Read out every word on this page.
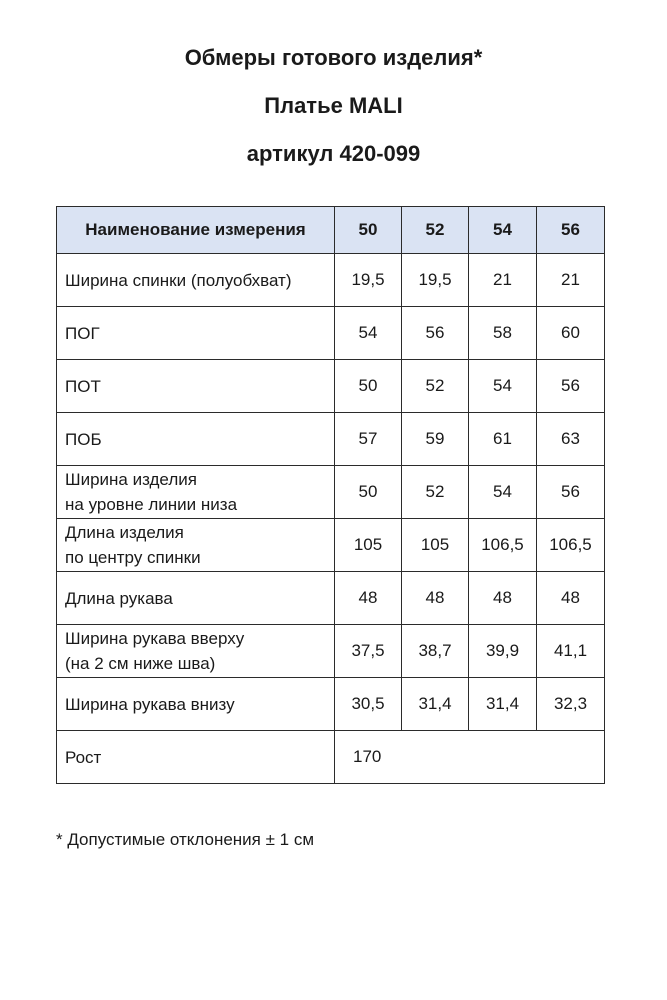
Обмеры готового изделия*
Платье MALI
артикул 420-099
Наименование измерения	50	52	54	56

Ширина спинки (полуобхват)	19,5	19,5	21	21

ПОГ	54	56	58	60

ПОТ	50	52	54	56

ПОБ	57	59	61	63

Ширина изделия
на уровне линии низа	50	52	54	56

Длина изделия
по центру спинки	105	105	106,5	106,5

Длина рукава	48	48	48	48

Ширина рукава вверху
(на 2 см ниже шва)	37,5	38,7	39,9	41,1

Ширина рукава внизу	30,5	31,4	31,4	32,3
Рост	170			
* Допустимые отклонения ± 1 см
